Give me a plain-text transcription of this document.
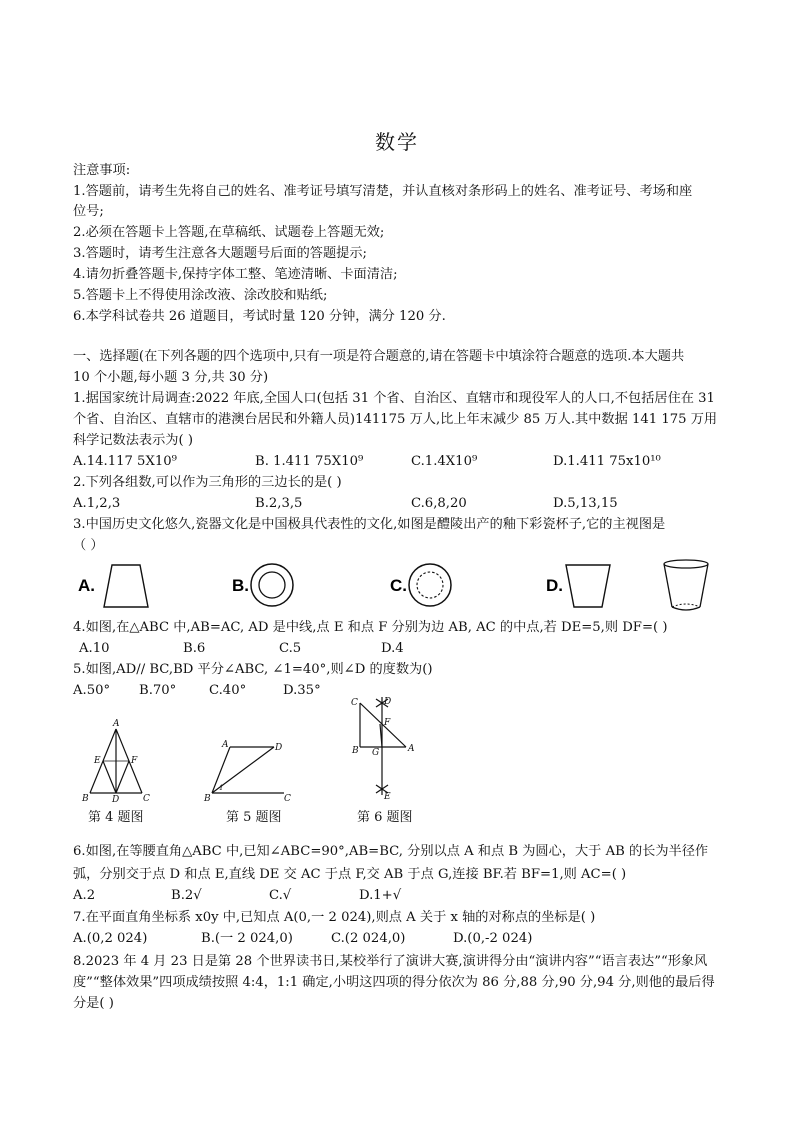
数学
注意事项:
1.答题前，请考生先将自己的姓名、准考证号填写清楚，并认直核对条形码上的姓名、准考证号、考场和座
位号;
2.必须在答题卡上答题,在草稿纸、试题卷上答题无效;
3.答题时，请考生注意各大题题号后面的答题提示;
4.请勿折叠答题卡,保持字体工整、笔迹清晰、卡面清洁;
5.答题卡上不得使用涂改液、涂改胶和贴纸;
6.本学科试卷共 26 道题目，考试时量 120 分钟，满分 120 分.
一、选择题(在下列各题的四个选项中,只有一项是符合题意的,请在答题卡中填涂符合题意的选项.本大题共
10 个小题,每小题 3 分,共 30 分)
1.据国家统计局调查:2022 年底,全国人口(包括 31 个省、自治区、直辖市和现役军人的人口,不包括居住在 31
个省、自治区、直辖市的港澳台居民和外籍人员)141175 万人,比上年末减少 85 万人.其中数据 141 175 万用
科学记数法表示为( )
A.14.117 5X10⁹	B. 1.411 75X10⁹	C.1.4X10⁹	D.1.411 75x10¹⁰
2.下列各组数,可以作为三角形的三边长的是( )
A.1,2,3	B.2,3,5	C.6,8,20	D.5,13,15
3.中国历史文化悠久,瓷器文化是中国极具代表性的文化,如图是醴陵出产的釉下彩瓷杯子,它的主视图是
（ ）
A.	B.	C.	D.
4.如图,在△ABC 中,AB=AC, AD 是中线,点 E 和点 F 分别为边 AB, AC 的中点,若 DE=5,则 DF=( )
A.10	B.6	C.5	D.4
5.如图,AD// BC,BD 平分∠ABC, ∠1=40°,则∠D 的度数为()
A.50° B.70° C.40°	D.35°
A
E	F
B	D	C
A	D
B	C
1
C	D
F
B G	A
E
第 4 题图	第 5 题图	第 6 题图
6.如图,在等腰直角△ABC 中,已知∠ABC=90°,AB=BC, 分别以点 A 和点 B 为圆心，大于 AB 的长为半径作
弧，分别交于点 D 和点 E,直线 DE 交 AC 于点 F,交 AB 于点 G,连接 BF.若 BF=1,则 AC=( )
A.2	B.2√	C.√	D.1+√
7.在平面直角坐标系 x0y 中,已知点 A(0,一 2 024),则点 A 关于 x 轴的对称点的坐标是( )
A.(0,2 024)	B.(一 2 024,0)	C.(2 024,0)	D.(0,-2 024)
8.2023 年 4 月 23 日是第 28 个世界读书日,某校举行了演讲大赛,演讲得分由“演讲内容”“语言表达”“形象风
度”“整体效果”四项成绩按照 4:4，1:1 确定,小明这四项的得分依次为 86 分,88 分,90 分,94 分,则他的最后得
分是( )
